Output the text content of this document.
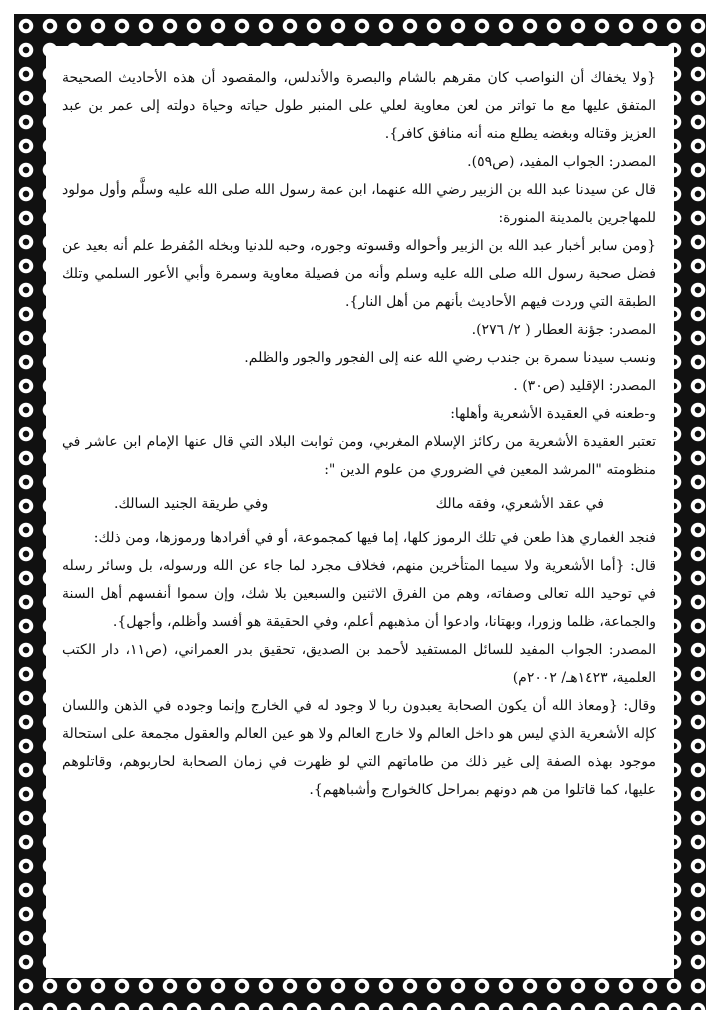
{ولا يخفاك أن النواصب كان مقرهم بالشام والبصرة والأندلس، والمقصود أن هذه الأحاديث الصحيحة المتفق عليها مع ما تواتر من لعن معاوية لعلي على المنبر طول حياته وحياة دولته إلى عمر بن عبد العزيز وقتاله وبغضه يطلع منه أنه منافق كافر}.

المصدر: الجواب المفيد، (ص٥٩).

قال عن سيدنا عبد الله بن الزبير رضي الله عنهما، ابن عمة رسول الله صلى الله عليه وسلَّم وأول مولود للمهاجرين بالمدينة المنورة:

{ومن سابر أخبار عبد الله بن الزبير وأحواله وقسوته وجوره، وحبه للدنيا وبخله المُفرط علم أنه بعيد عن فضل صحبة رسول الله صلى الله عليه وسلم وأنه من فصيلة معاوية وسمرة وأبي الأعور السلمي وتلك الطبقة التي وردت فيهم الأحاديث بأنهم من أهل النار}.

المصدر: جؤنة العطار ( ٢/ ٢٧٦).

ونسب سيدنا سمرة بن جندب رضي الله عنه إلى الفجور والجور والظلم.

المصدر: الإقليد (ص٣٠) .

و-طعنه في العقيدة الأشعرية وأهلها:

تعتبر العقيدة الأشعرية من ركائز الإسلام المغربي، ومن ثوابت البلاد التي قال عنها الإمام ابن عاشر في منظومته "المرشد المعين في الضروري من علوم الدين ":

في عقد الأشعري، وفقه مالك
وفي طريقة الجنيد السالك.

فنجد الغماري هذا طعن في تلك الرموز كلها، إما فيها كمجموعة، أو في أفرادها ورموزها، ومن ذلك:

قال: {أما الأشعرية ولا سيما المتأخرين منهم، فخلاف مجرد لما جاء عن الله ورسوله، بل وسائر رسله في توحيد الله تعالى وصفاته، وهم من الفرق الاثنين والسبعين بلا شك، وإن سموا أنفسهم أهل السنة والجماعة، ظلما وزورا، وبهتانا، وادعوا أن مذهبهم أعلم، وفي الحقيقة هو أفسد وأظلم، وأجهل}.

المصدر: الجواب المفيد للسائل المستفيد لأحمد بن الصديق، تحقيق بدر العمراني، (ص١١، دار الكتب العلمية، ١٤٢٣هـ/ ٢٠٠٢م)

وقال: {ومعاذ الله أن يكون الصحابة يعبدون ربا لا وجود له في الخارج وإنما وجوده في الذهن واللسان كإله الأشعرية الذي ليس هو داخل العالم ولا خارج العالم ولا هو عين العالم والعقول مجمعة على استحالة موجود بهذه الصفة إلى غير ذلك من طاماتهم التي لو ظهرت في زمان الصحابة لحاربوهم، وقاتلوهم عليها، كما قاتلوا من هم دونهم بمراحل كالخوارج وأشباههم}.
